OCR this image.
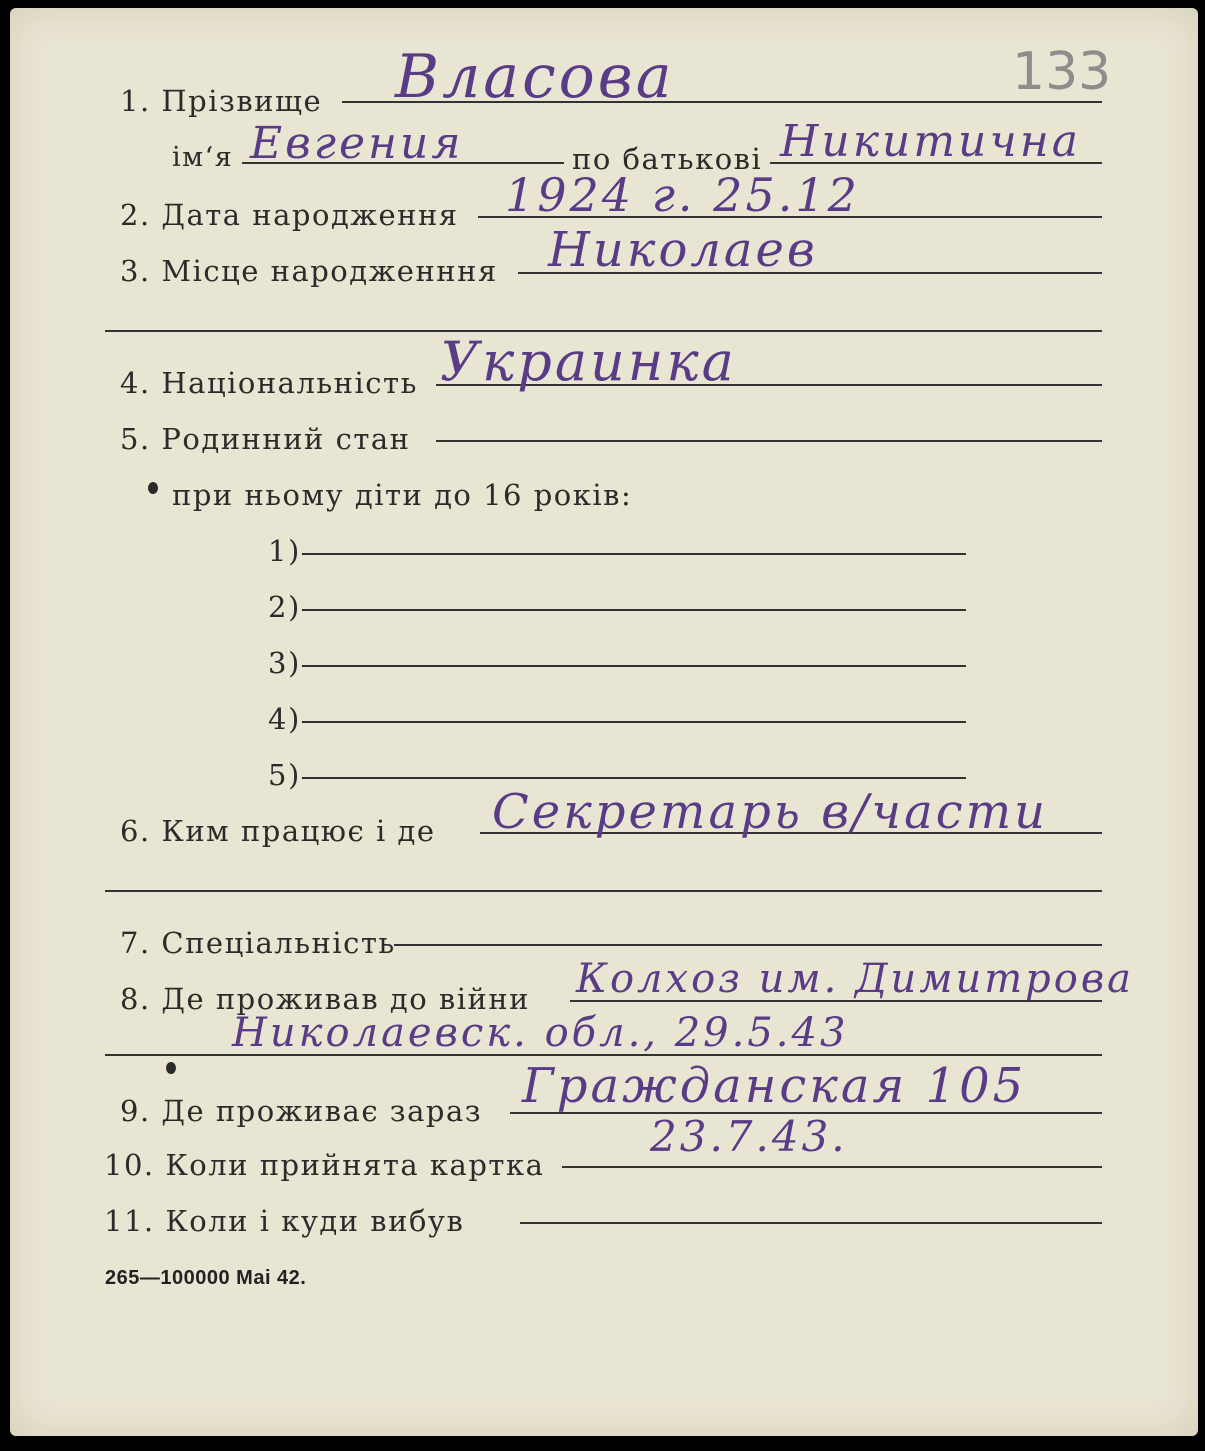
1. Прізвище Власова	133
ім‘я Евгения	по батькові Никитична
2. Дата народження 1924 г. 25.12
3. Місце народженння Николаев
4. Національність Украинка
5. Родинний стан
при ньому діти до 16 років:
1)
2)
3)
4)
5)
6. Ким працює і де Секретарь в/части
7. Спеціальність
8. Де проживав до війни Колхоз им. Димитрова
Николаевск. обл., 29.5.43
9. Де проживає зараз Гражданская 105
10. Коли прийнята картка
23.7.43.
11. Коли і куди вибув
265—100000 Mai 42.
